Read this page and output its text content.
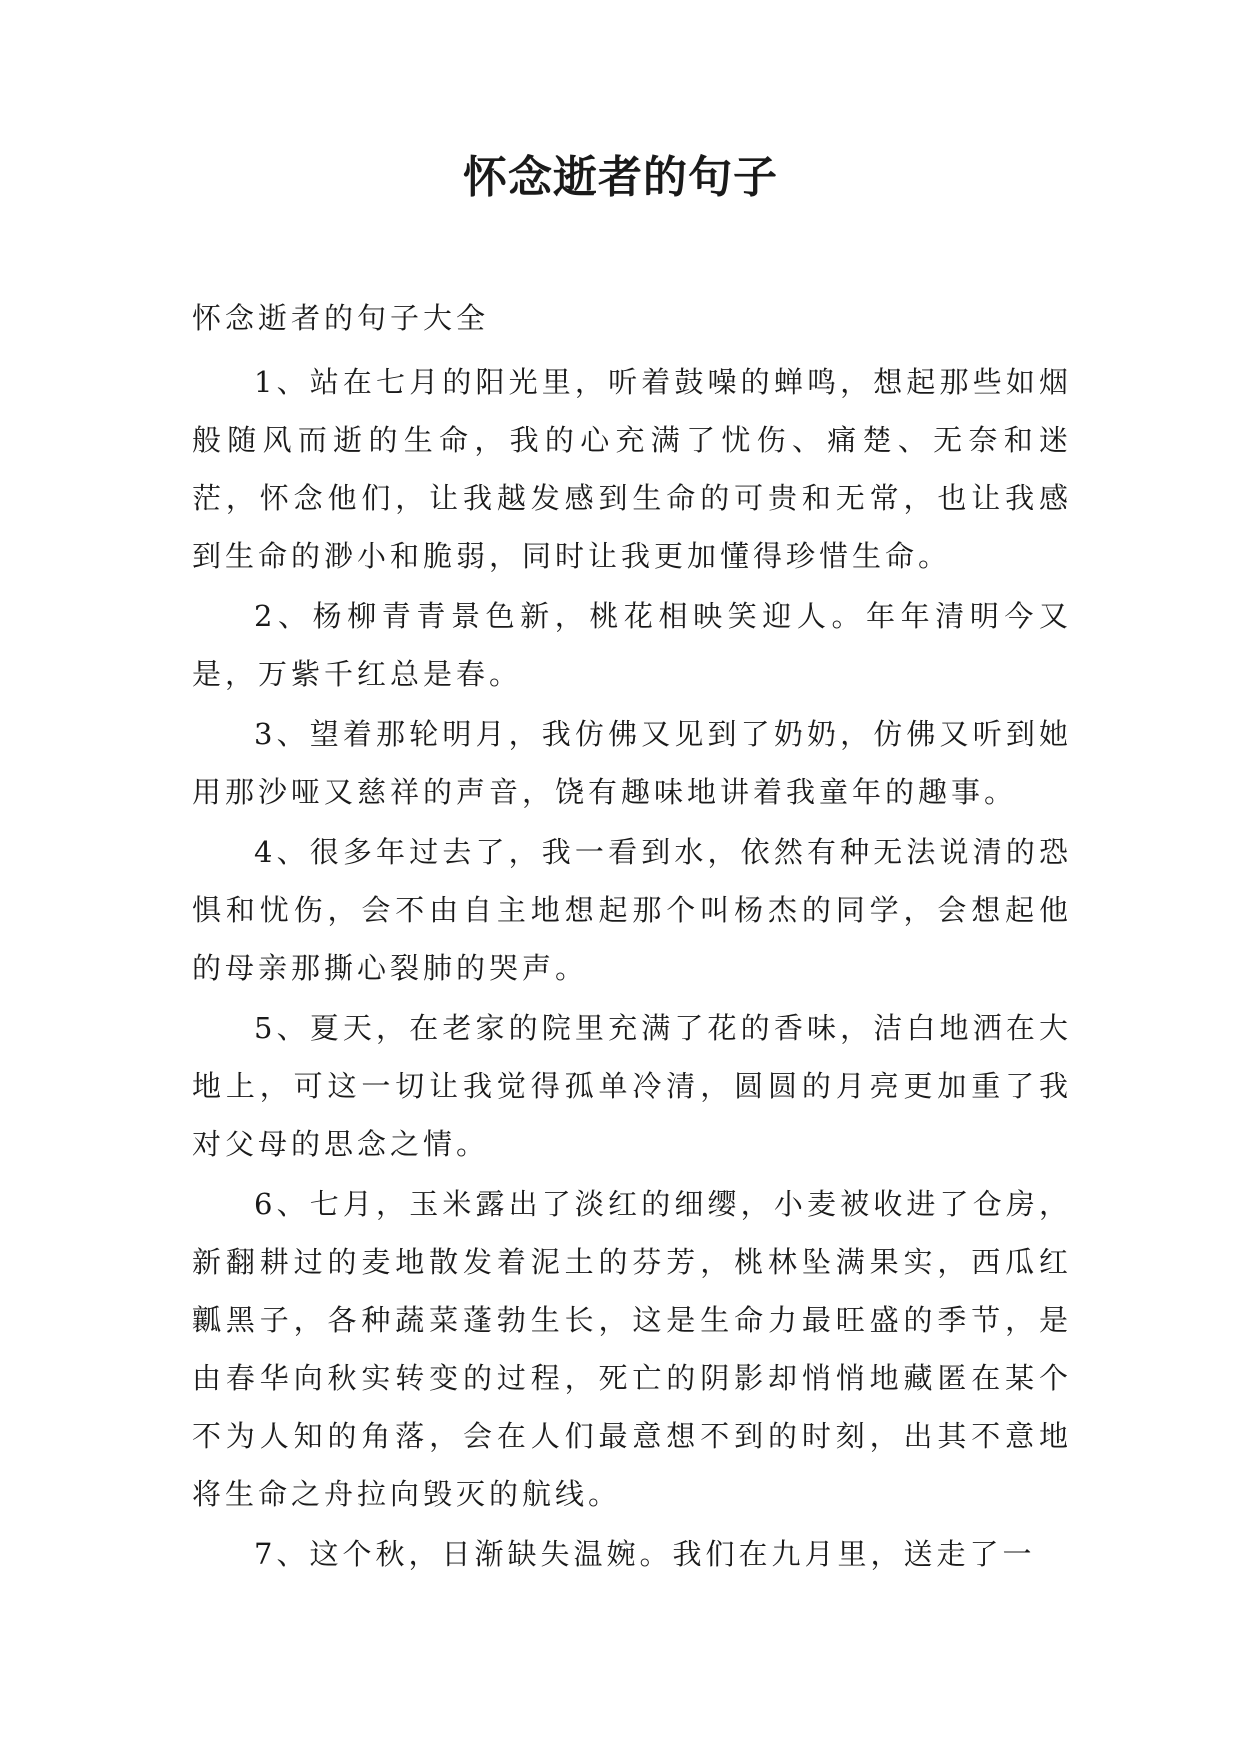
怀念逝者的句子

怀念逝者的句子大全

1、站在七月的阳光里，听着鼓噪的蝉鸣，想起那些如烟般随风而逝的生命，我的心充满了忧伤、痛楚、无奈和迷茫，怀念他们，让我越发感到生命的可贵和无常，也让我感到生命的渺小和脆弱，同时让我更加懂得珍惜生命。

2、杨柳青青景色新，桃花相映笑迎人。年年清明今又是，万紫千红总是春。

3、望着那轮明月，我仿佛又见到了奶奶，仿佛又听到她用那沙哑又慈祥的声音，饶有趣味地讲着我童年的趣事。

4、很多年过去了，我一看到水，依然有种无法说清的恐惧和忧伤，会不由自主地想起那个叫杨杰的同学，会想起他的母亲那撕心裂肺的哭声。

5、夏天，在老家的院里充满了花的香味，洁白地洒在大地上，可这一切让我觉得孤单冷清，圆圆的月亮更加重了我对父母的思念之情。

6、七月，玉米露出了淡红的细缨，小麦被收进了仓房，新翻耕过的麦地散发着泥土的芬芳，桃林坠满果实，西瓜红瓤黑子，各种蔬菜蓬勃生长，这是生命力最旺盛的季节，是由春华向秋实转变的过程，死亡的阴影却悄悄地藏匿在某个不为人知的角落，会在人们最意想不到的时刻，出其不意地将生命之舟拉向毁灭的航线。

7、这个秋，日渐缺失温婉。我们在九月里，送走了一
